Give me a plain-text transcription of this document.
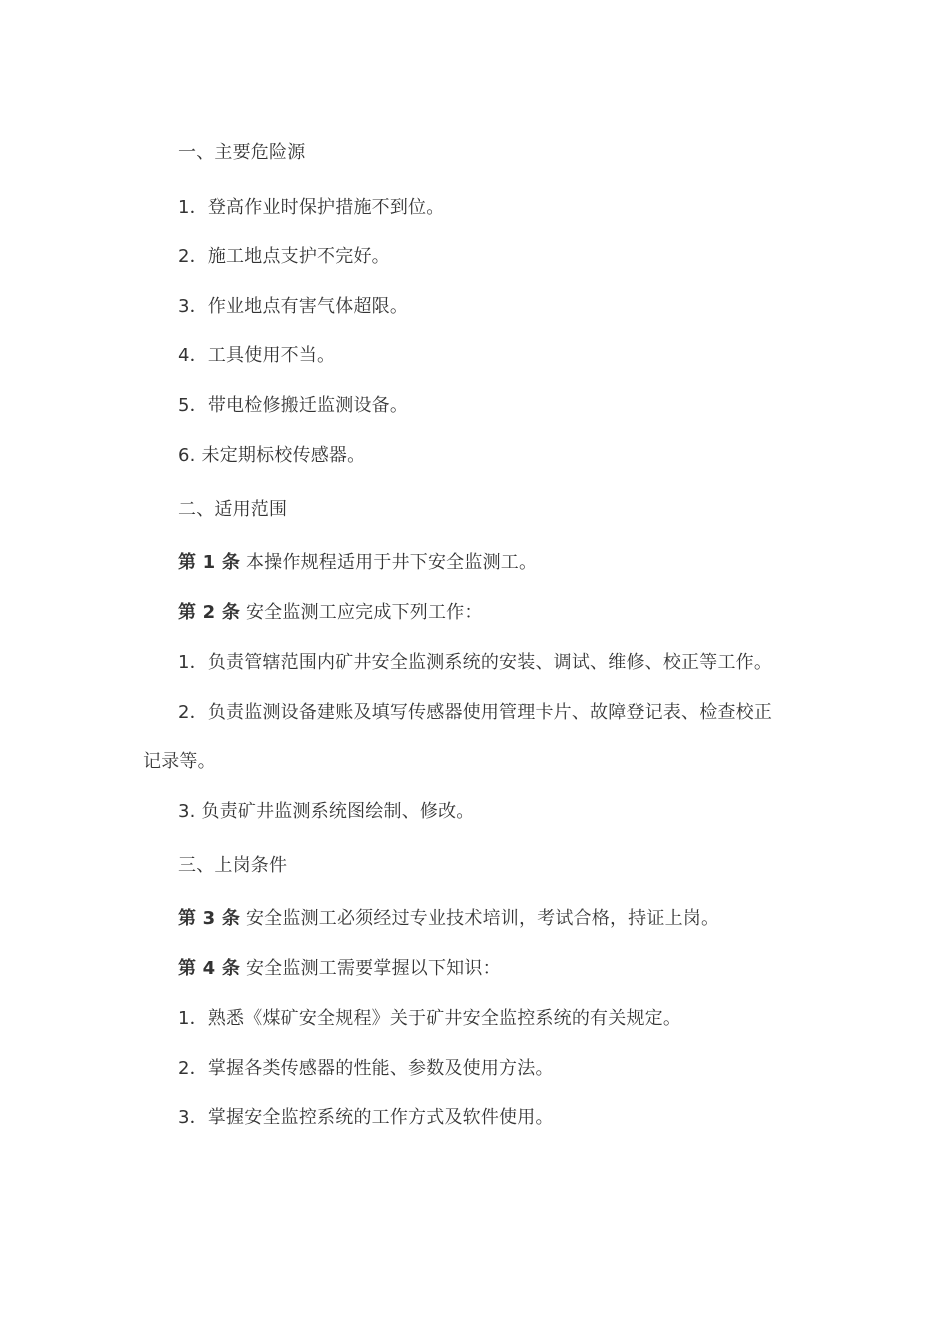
一、主要危险源
1．登高作业时保护措施不到位。
2．施工地点支护不完好。
3．作业地点有害气体超限。
4．工具使用不当。
5．带电检修搬迁监测设备。
6. 未定期标校传感器。
二、适用范围
第 1 条 本操作规程适用于井下安全监测工。
第 2 条 安全监测工应完成下列工作：
1．负责管辖范围内矿井安全监测系统的安装、调试、维修、校正等工作。
2．负责监测设备建账及填写传感器使用管理卡片、故障登记表、检查校正
记录等。
3. 负责矿井监测系统图绘制、修改。
三、上岗条件
第 3 条 安全监测工必须经过专业技术培训，考试合格，持证上岗。
第 4 条 安全监测工需要掌握以下知识：
1．熟悉《煤矿安全规程》关于矿井安全监控系统的有关规定。
2．掌握各类传感器的性能、参数及使用方法。
3．掌握安全监控系统的工作方式及软件使用。
